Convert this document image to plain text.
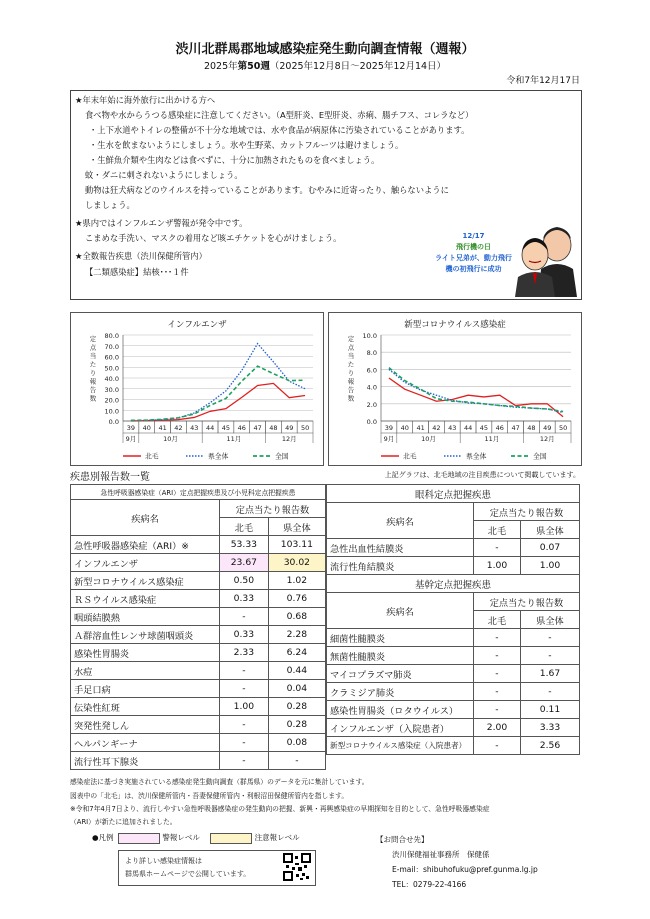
渋川北群馬郡地域感染症発生動向調査情報（週報）
2025年第50週（2025年12月8日～2025年12月14日）
令和7年12月17日
★年末年始に海外旅行に出かける方へ
食べ物や水からうつる感染症に注意してください。（A型肝炎、E型肝炎、赤痢、腸チフス、コレラなど）
・上下水道やトイレの整備が不十分な地域では、水や食品が病原体に汚染されていることがあります。
・生水を飲まないようにしましょう。氷や生野菜、カットフルーツは避けましょう。
・生鮮魚介類や生肉などは食べずに、十分に加熱されたものを食べましょう。
蚊・ダニに刺されないようにしましょう。
動物は狂犬病などのウイルスを持っていることがあります。むやみに近寄ったり、触らないように
しましょう。
★県内ではインフルエンザ警報が発令中です。
こまめな手洗い、マスクの着用など咳エチケットを心がけましょう。
★全数報告疾患（渋川保健所管内）
【二類感染症】結核･･･１件
12/17
飛行機の日
ライト兄弟が、動力飛行
機の初飛行に成功
インフルエンザ
0.0
10.0
20.0
30.0
40.0
50.0
60.0
70.0
80.0
定
点
当
た
り
報
告
数
39 40 41 42 43 44 45 46 47 48 49 50
9月	10月	11月	12月
北毛	県全体	全国
新型コロナウイルス感染症
0.0
2.0
4.0
6.0
8.0
10.0
定
点
当
た
り
報
告
数
39 40 41 42 43 44 45 46 47 48 49 50
9月	10月	11月	12月
北毛	県全体	全国
疾患別報告数一覧	上記グラフは、北毛地域の注目疾患について掲載しています。
急性呼吸器感染症（ARI）定点把握疾患及び小児科定点把握疾患		
疾病名	定点当たり報告数	
	北毛	県全体
急性呼吸器感染症（ARI）※	53.33	103.11
インフルエンザ	23.67	30.02
新型コロナウイルス感染症	0.50	1.02
ＲＳウイルス感染症	0.33	0.76
咽頭結膜熱	-	0.68
Ａ群溶血性レンサ球菌咽頭炎	0.33	2.28
感染性胃腸炎	2.33	6.24
水痘	-	0.44
手足口病	-	0.04
伝染性紅斑	1.00	0.28
突発性発しん	-	0.28
ヘルパンギーナ	-	0.08
流行性耳下腺炎	-	-
眼科定点把握疾患		
疾病名	定点当たり報告数	
	北毛	県全体
急性出血性結膜炎	-	0.07
流行性角結膜炎	1.00	1.00
基幹定点把握疾患		
疾病名	定点当たり報告数	
	北毛	県全体
細菌性髄膜炎	-	-
無菌性髄膜炎	-	-
マイコプラズマ肺炎	-	1.67
クラミジア肺炎	-	-
感染性胃腸炎（ロタウイルス）	-	0.11
インフルエンザ（入院患者）	2.00	3.33
新型コロナウイルス感染症（入院患者）	-	2.56
感染症法に基づき実施されている感染症発生動向調査（群馬県）のデータを元に集計しています。
図表中の「北毛」は、渋川保健所管内・吾妻保健所管内・利根沼田保健所管内を指します。
※令和7年4月7日より、流行しやすい急性呼吸器感染症の発生動向の把握、新興・再興感染症の早期探知を目的として、急性呼吸器感染症
（ARI）が新たに追加されました。
●凡例	警報レベル	注意報レベル
より詳しい感染症情報は
群馬県ホームページで公開しています。
【お問合せ先】
渋川保健福祉事務所　保健係
E-mail：shibuhofuku@pref.gunma.lg.jp
TEL：0279-22-4166
